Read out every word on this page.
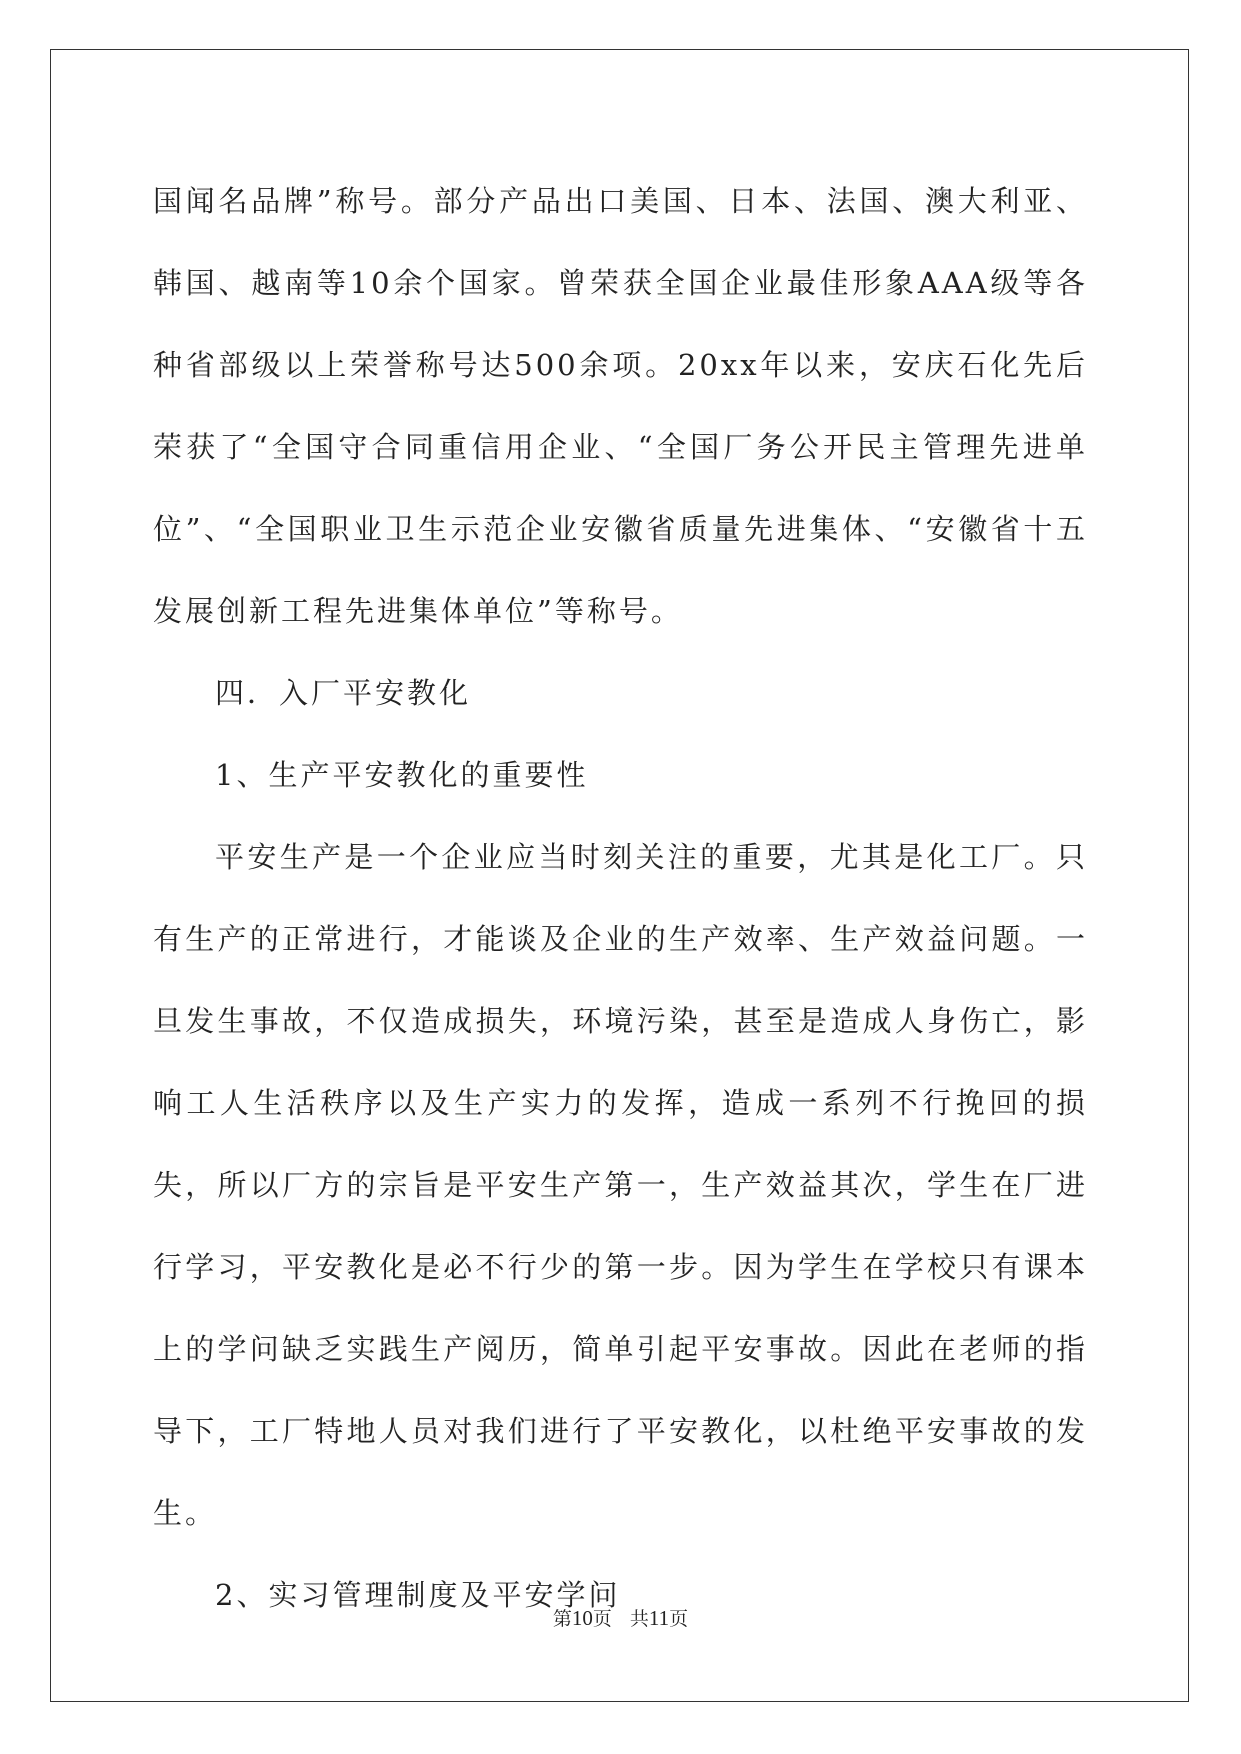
国闻名品牌”称号。部分产品出口美国、日本、法国、澳大利亚、韩国、越南等10余个国家。曾荣获全国企业最佳形象AAA级等各种省部级以上荣誉称号达500余项。20xx年以来，安庆石化先后荣获了“全国守合同重信用企业、“全国厂务公开民主管理先进单位”、“全国职业卫生示范企业安徽省质量先进集体、“安徽省十五发展创新工程先进集体单位”等称号。

四．入厂平安教化

1、生产平安教化的重要性

平安生产是一个企业应当时刻关注的重要，尤其是化工厂。只有生产的正常进行，才能谈及企业的生产效率、生产效益问题。一旦发生事故，不仅造成损失，环境污染，甚至是造成人身伤亡，影响工人生活秩序以及生产实力的发挥，造成一系列不行挽回的损失，所以厂方的宗旨是平安生产第一，生产效益其次，学生在厂进行学习，平安教化是必不行少的第一步。因为学生在学校只有课本上的学问缺乏实践生产阅历，简单引起平安事故。因此在老师的指导下，工厂特地人员对我们进行了平安教化，以杜绝平安事故的发生。

2、实习管理制度及平安学问

第10页 共11页
